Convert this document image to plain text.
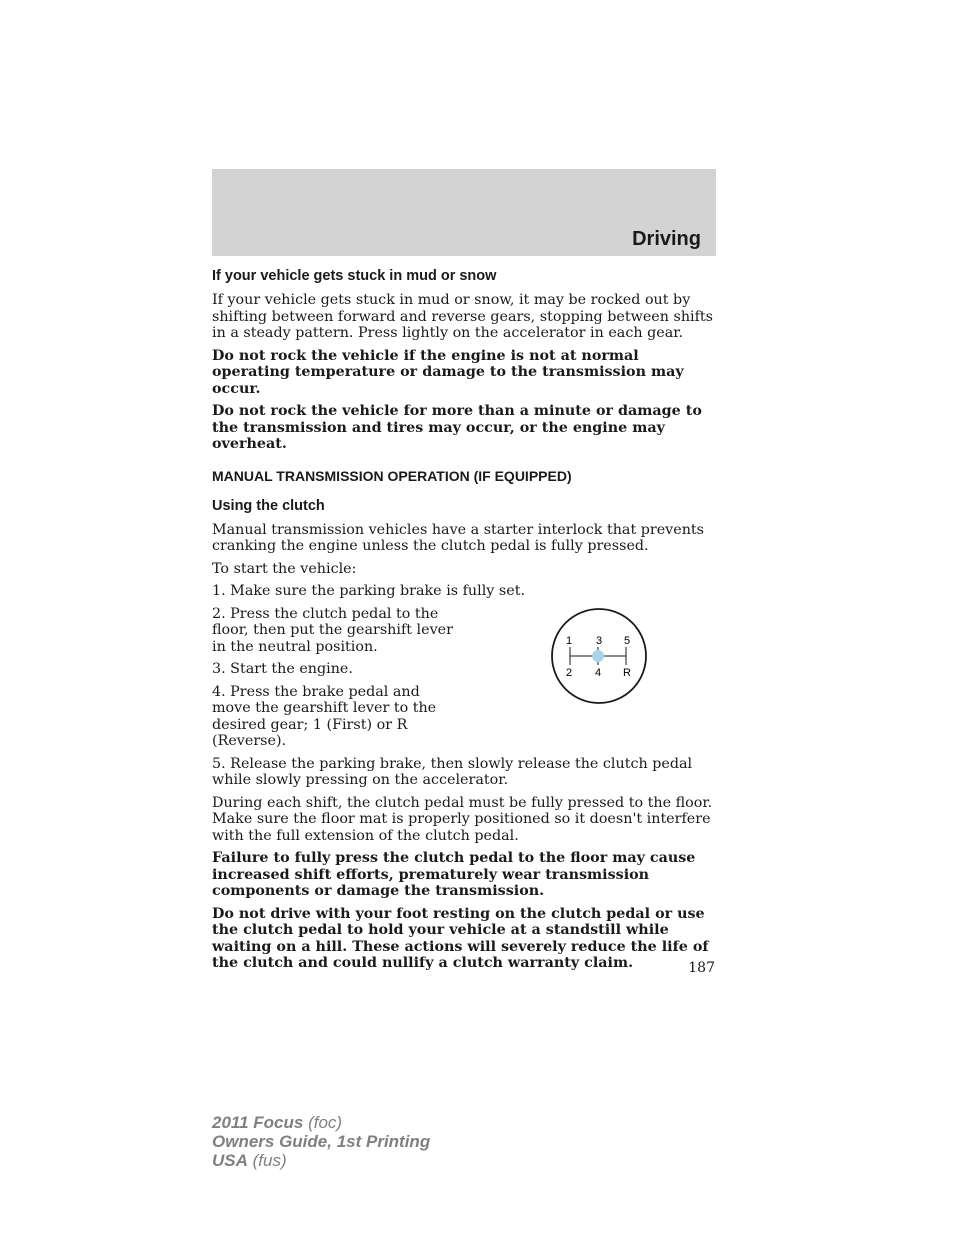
Driving
If your vehicle gets stuck in mud or snow

If your vehicle gets stuck in mud or snow, it may be rocked out by shifting between forward and reverse gears, stopping between shifts in a steady pattern. Press lightly on the accelerator in each gear.

Do not rock the vehicle if the engine is not at normal operating temperature or damage to the transmission may occur.

Do not rock the vehicle for more than a minute or damage to the transmission and tires may occur, or the engine may overheat.

MANUAL TRANSMISSION OPERATION (IF EQUIPPED)
Using the clutch

Manual transmission vehicles have a starter interlock that prevents cranking the engine unless the clutch pedal is fully pressed.

To start the vehicle:

1. Make sure the parking brake is fully set.

2. Press the clutch pedal to the floor, then put the gearshift lever in the neutral position.

3. Start the engine.

4. Press the brake pedal and move the gearshift lever to the desired gear; 1 (First) or R (Reverse).

1 3 5
2 4 R

5. Release the parking brake, then slowly release the clutch pedal while slowly pressing on the accelerator.

During each shift, the clutch pedal must be fully pressed to the floor. Make sure the floor mat is properly positioned so it doesn't interfere with the full extension of the clutch pedal.

Failure to fully press the clutch pedal to the floor may cause increased shift efforts, prematurely wear transmission components or damage the transmission.

Do not drive with your foot resting on the clutch pedal or use the clutch pedal to hold your vehicle at a standstill while waiting on a hill. These actions will severely reduce the life of the clutch and could nullify a clutch warranty claim.	187
2011 Focus (foc)
Owners Guide, 1st Printing
USA (fus)
